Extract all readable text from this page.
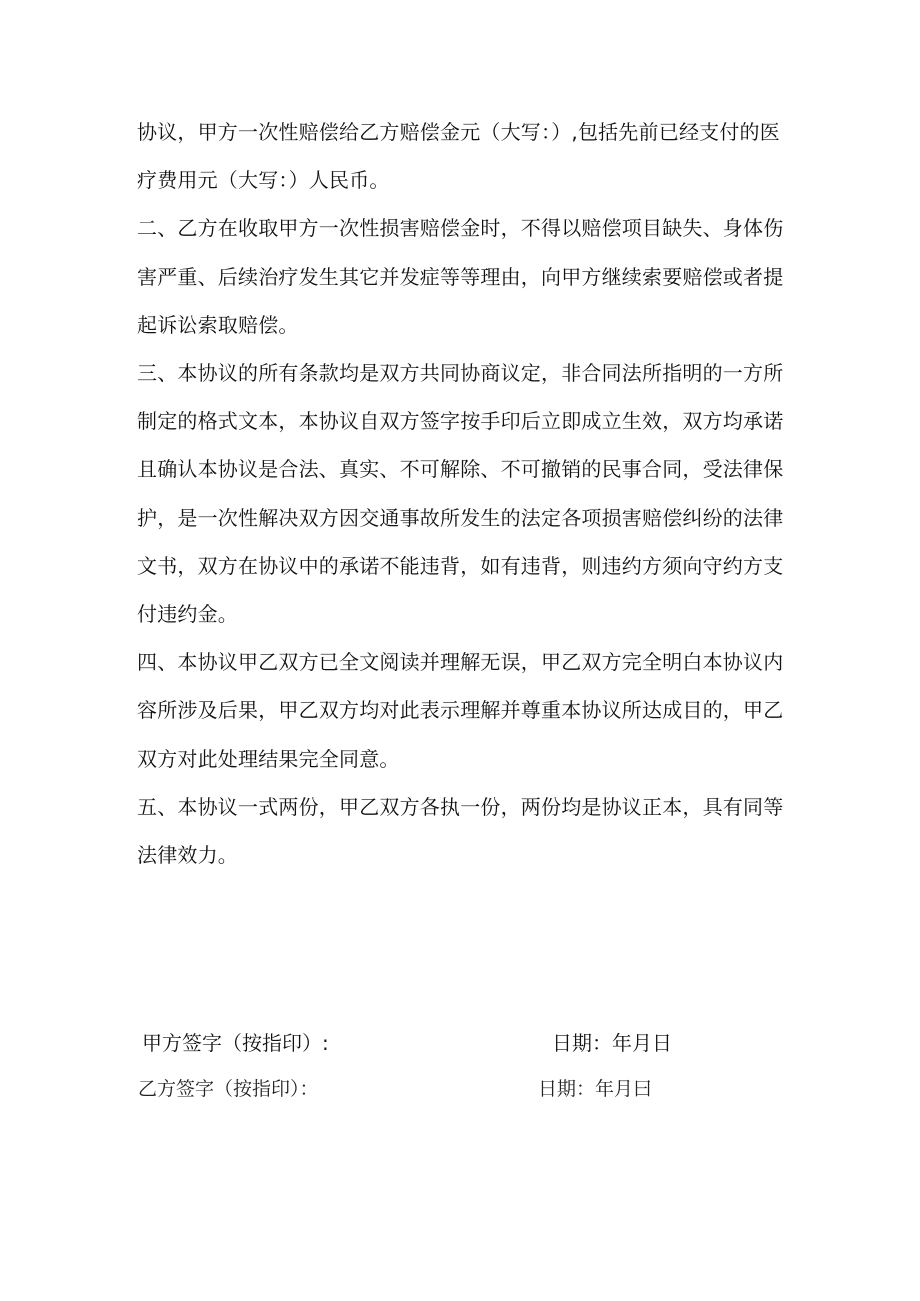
协议，甲方一次性赔偿给乙方赔偿金元（大写：）,包括先前已经支付的医疗费用元（大写：）人民币。

二、乙方在收取甲方一次性损害赔偿金时，不得以赔偿项目缺失、身体伤害严重、后续治疗发生其它并发症等等理由，向甲方继续索要赔偿或者提起诉讼索取赔偿。

三、本协议的所有条款均是双方共同协商议定，非合同法所指明的一方所制定的格式文本，本协议自双方签字按手印后立即成立生效，双方均承诺且确认本协议是合法、真实、不可解除、不可撤销的民事合同，受法律保护，是一次性解决双方因交通事故所发生的法定各项损害赔偿纠纷的法律文书，双方在协议中的承诺不能违背，如有违背，则违约方须向守约方支付违约金。

四、本协议甲乙双方已全文阅读并理解无误，甲乙双方完全明白本协议内容所涉及后果，甲乙双方均对此表示理解并尊重本协议所达成目的，甲乙双方对此处理结果完全同意。

五、本协议一式两份，甲乙双方各执一份，两份均是协议正本，具有同等法律效力。

甲方签字（按指印）:	日期：年月日
乙方签字（按指印）：	日期：年月曰
